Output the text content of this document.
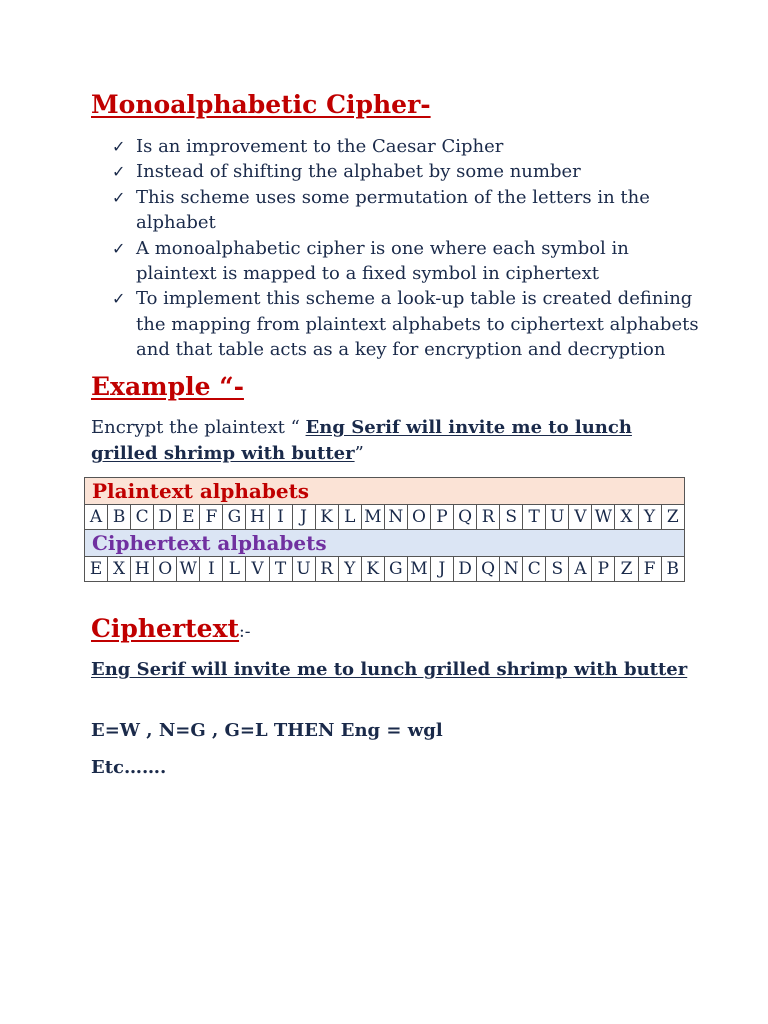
Monoalphabetic Cipher-
✓ Is an improvement to the Caesar Cipher
✓ Instead of shifting the alphabet by some number
✓ This scheme uses some permutation of the letters in the alphabet
✓ A monoalphabetic cipher is one where each symbol in plaintext is mapped to a fixed symbol in ciphertext
✓ To implement this scheme a look-up table is created defining the mapping from plaintext alphabets to ciphertext alphabets and that table acts as a key for encryption and decryption
Example “-

Encrypt the plaintext “ Eng Serif will invite me to lunch grilled shrimp with butter”

Plaintext alphabets																									
A	B	C	D	E	F	G	H	I	J	K	L	M	N	O	P	Q	R	S	T	U	V	W	X	Y	Z
Ciphertext alphabets																									
E	X	H	O	W	I	L	V	T	U	R	Y	K	G	M	J	D	Q	N	C	S	A	P	Z	F	B
Ciphertext:-

Eng Serif will invite me to lunch grilled shrimp with butter

E=W , N=G , G=L THEN Eng = wgl

Etc…….
